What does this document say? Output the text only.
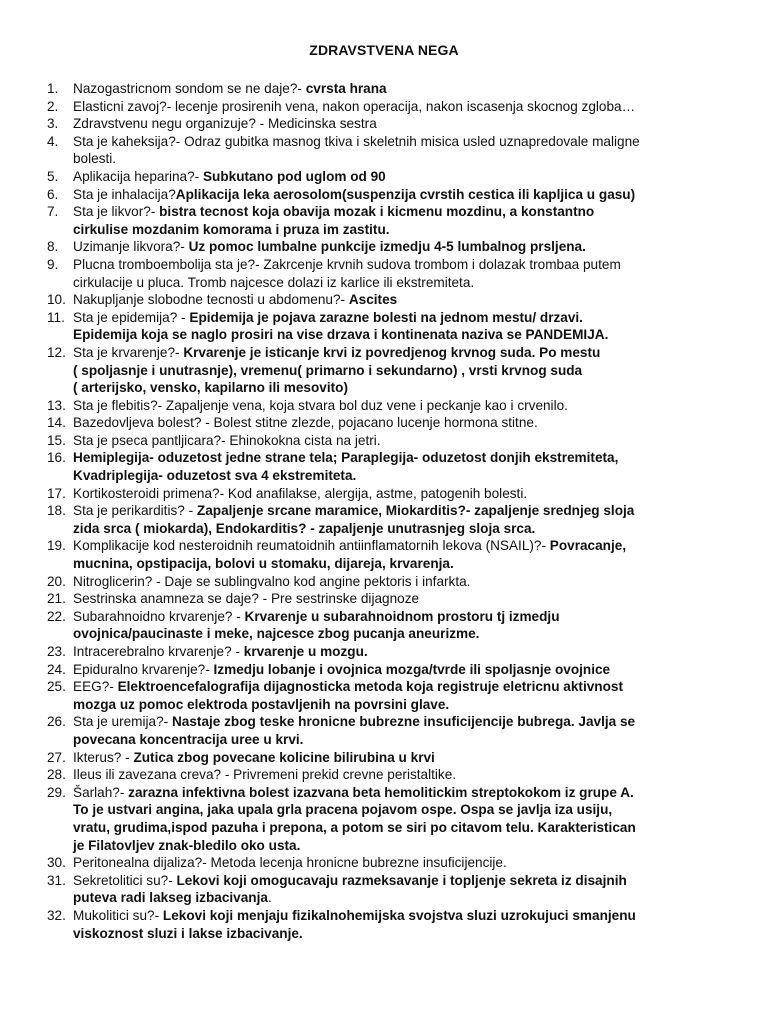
ZDRAVSTVENA NEGA
1.	Nazogastricnom sondom se ne daje?- cvrsta hrana
2.	Elasticni zavoj?- lecenje prosirenih vena, nakon operacija, nakon iscasenja skocnog zgloba…
3.	Zdravstvenu negu organizuje? - Medicinska sestra
4.	Sta je kaheksija?- Odraz gubitka masnog tkiva i skeletnih misica usled uznapredovale maligne
bolesti.
5.	Aplikacija heparina?- Subkutano pod uglom od 90
6.	Sta je inhalacija?Aplikacija leka aerosolom(suspenzija cvrstih cestica ili kapljica u gasu)
7.	Sta je likvor?- bistra tecnost koja obavija mozak i kicmenu mozdinu, a konstantno
cirkulise mozdanim komorama i pruza im zastitu.
8.	Uzimanje likvora?- Uz pomoc lumbalne punkcije izmedju 4-5 lumbalnog prsljena.
9.	Plucna tromboembolija sta je?- Zakrcenje krvnih sudova trombom i dolazak trombaa putem
cirkulacije u pluca. Tromb najcesce dolazi iz karlice ili ekstremiteta.
10. Nakupljanje slobodne tecnosti u abdomenu?- Ascites
11. Sta je epidemija? - Epidemija je pojava zarazne bolesti na jednom mestu/ drzavi.
Epidemija koja se naglo prosiri na vise drzava i kontinenata naziva se PANDEMIJA.
12. Sta je krvarenje?- Krvarenje je isticanje krvi iz povredjenog krvnog suda. Po mestu
( spoljasnje i unutrasnje), vremenu( primarno i sekundarno) , vrsti krvnog suda
( arterijsko, vensko, kapilarno ili mesovito)
13. Sta je flebitis?- Zapaljenje vena, koja stvara bol duz vene i peckanje kao i crvenilo.
14. Bazedovljeva bolest? - Bolest stitne zlezde, pojacano lucenje hormona stitne.
15. Sta je pseca pantljicara?- Ehinokokna cista na jetri.
16. Hemiplegija- oduzetost jedne strane tela; Paraplegija- oduzetost donjih ekstremiteta,
Kvadriplegija- oduzetost sva 4 ekstremiteta.
17. Kortikosteroidi primena?- Kod anafilakse, alergija, astme, patogenih bolesti.
18. Sta je perikarditis? - Zapaljenje srcane maramice, Miokarditis?- zapaljenje srednjeg sloja
zida srca ( miokarda), Endokarditis? - zapaljenje unutrasnjeg sloja srca.
19. Komplikacije kod nesteroidnih reumatoidnih antiinflamatornih lekova (NSAIL)?- Povracanje,
mucnina, opstipacija, bolovi u stomaku, dijareja, krvarenja.
20. Nitroglicerin? - Daje se sublingvalno kod angine pektoris i infarkta.
21. Sestrinska anamneza se daje? - Pre sestrinske dijagnoze
22. Subarahnoidno krvarenje? - Krvarenje u subarahnoidnom prostoru tj izmedju
ovojnica/paucinaste i meke, najcesce zbog pucanja aneurizme.
23. Intracerebralno krvarenje? - krvarenje u mozgu.
24. Epiduralno krvarenje?- Izmedju lobanje i ovojnica mozga/tvrde ili spoljasnje ovojnice
25. EEG?- Elektroencefalografija dijagnosticka metoda koja registruje eletricnu aktivnost
mozga uz pomoc elektroda postavljenih na povrsini glave.
26. Sta je uremija?- Nastaje zbog teske hronicne bubrezne insuficijencije bubrega. Javlja se
povecana koncentracija uree u krvi.
27. Ikterus? - Zutica zbog povecane kolicine bilirubina u krvi
28. Ileus ili zavezana creva? - Privremeni prekid crevne peristaltike.
29. Šarlah?- zarazna infektivna bolest izazvana beta hemolitickim streptokokom iz grupe A.
To je ustvari angina, jaka upala grla pracena pojavom ospe. Ospa se javlja iza usiju,
vratu, grudima,ispod pazuha i prepona, a potom se siri po citavom telu. Karakteristican
je Filatovljev znak-bledilo oko usta.
30. Peritonealna dijaliza?- Metoda lecenja hronicne bubrezne insuficijencije.
31. Sekretolitici su?- Lekovi koji omogucavaju razmeksavanje i topljenje sekreta iz disajnih
puteva radi lakseg izbacivanja.
32. Mukolitici su?- Lekovi koji menjaju fizikalnohemijska svojstva sluzi uzrokujuci smanjenu
viskoznost sluzi i lakse izbacivanje.
